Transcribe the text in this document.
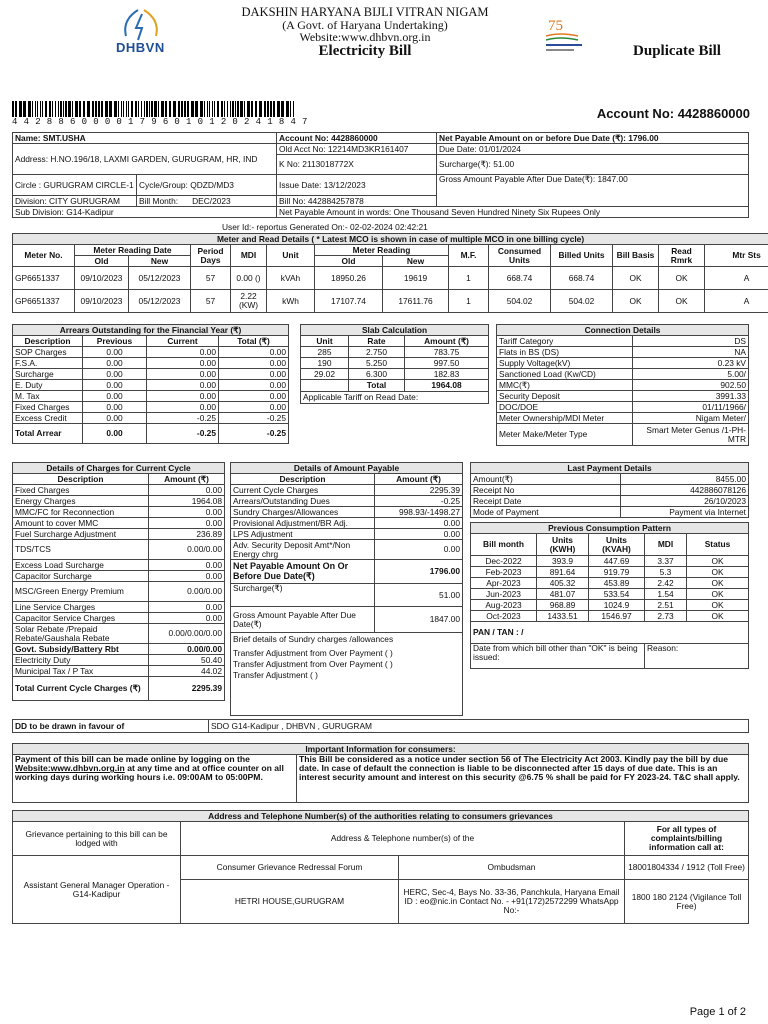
DHBVN
DAKSHIN HARYANA BIJLI VITRAN NIGAM
(A Govt. of Haryana Undertaking)
Website:www.dhbvn.org.in
Electricity Bill
75
Duplicate Bill
4 4 2 8 8 6 0 0 0 0 1 7 9 6 0 1 0 1 2 0 2 4 1 8 4 7
Account No: 4428860000
Name: SMT.USHA		Account No: 4428860000	Net Payable Amount on or before Due Date (₹): 1796.00
Address: H.NO.196/18, LAXMI GARDEN, GURUGRAM, HR, IND		Old Acct No: 12214MD3KR161407	Due Date: 01/01/2024
		K No: 2113018772X	Surcharge(₹): 51.00
Circle : GURUGRAM CIRCLE-1	Cycle/Group: QDZD/MD3	Issue Date: 13/12/2023	Gross Amount Payable After Due Date(₹): 1847.00
Division: CITY GURUGRAM	Bill Month: DEC/2023	Bill No: 442884257878	
Sub Division: G14-Kadipur		Net Payable Amount in words: One Thousand Seven Hundred Ninety Six Rupees Only	
User Id:- reportus Generated On:- 02-02-2024 02:42:21
Meter and Read Details ( * Latest MCO is shown in case of multiple MCO in one billing cycle)													
Meter No.	Meter Reading Date		Period Days	MDI	Unit	Meter Reading		M.F.	Consumed Units	Billed Units	Bill Basis	Read Rmrk	Mtr Sts
	Old	New				Old	New						
GP6651337	09/10/2023	05/12/2023	57	0.00 ()	kVAh	18950.26	19619	1	668.74	668.74	OK	OK	A
GP6651337	09/10/2023	05/12/2023	57	2.22 (KW)	kWh	17107.74	17611.76	1	504.02	504.02	OK	OK	A
Arrears Outstanding for the Financial Year (₹)			
Description	Previous	Current	Total (₹)
SOP Charges	0.00	0.00	0.00
F.S.A.	0.00	0.00	0.00
Surcharge	0.00	0.00	0.00
E. Duty	0.00	0.00	0.00
M. Tax	0.00	0.00	0.00
Fixed Charges	0.00	0.00	0.00
Excess Credit	0.00	-0.25	-0.25
Total Arrear	0.00	-0.25	-0.25
Slab Calculation		
Unit	Rate	Amount (₹)
285	2.750	783.75
190	5.250	997.50
29.02	6.300	182.83
	Total	1964.08
Applicable Tariff on Read Date:		
Connection Details	
Tariff Category	DS
Flats in BS (DS)	NA
Supply Voltage(kV)	0.23 kV
Sanctioned Load (Kw/CD)	5.00/
MMC(₹)	902.50
Security Deposit	3991.33
DOC/DOE	01/11/1966/
Meter Ownership/MDI Meter	Nigam Meter/
Meter Make/Meter Type	Smart Meter Genus /1-PH-MTR
Details of Charges for Current Cycle	
Description	Amount (₹)
Fixed Charges	0.00
Energy Charges	1964.08
MMC/FC for Reconnection	0.00
Amount to cover MMC	0.00
Fuel Surcharge Adjustment	236.89
TDS/TCS	0.00/0.00
Excess Load Surcharge	0.00
Capacitor Surcharge	0.00
MSC/Green Energy Premium	0.00/0.00
Line Service Charges	0.00
Capacitor Service Charges	0.00
Solar Rebate /Prepaid Rebate/Gaushala Rebate	0.00/0.00/0.00
Govt. Subsidy/Battery Rbt	0.00/0.00
Electricity Duty	50.40
Municipal Tax / P Tax	44.02
Total Current Cycle Charges (₹)	2295.39
Details of Amount Payable	
Description	Amount (₹)
Current Cycle Charges	2295.39
Arrears/Outstanding Dues	-0.25
Sundry Charges/Allowances	998.93/-1498.27
Provisional Adjustment/BR Adj.	0.00
LPS Adjustment	0.00
Adv. Security Deposit Amt*/Non Energy chrg	0.00
Net Payable Amount On Or Before Due Date(₹)	1796.00
Surcharge(₹)	51.00
Gross Amount Payable After Due Date(₹)	1847.00

Brief details of Sundry charges /allowances
Transfer Adjustment from Over Payment ( )
Transfer Adjustment from Over Payment ( )
Transfer Adjustment ( )	
Last Payment Details	
Amount(₹)	8455.00
Receipt No	442886078126
Receipt Date	26/10/2023
Mode of Payment	Payment via Internet
Previous Consumption Pattern				
Bill month	Units (KWH)	Units (KVAH)	MDI	Status
Dec-2022	393.9	447.69	3.37	OK
Feb-2023	891.64	919.79	5.3	OK
Apr-2023	405.32	453.89	2.42	OK
Jun-2023	481.07	533.54	1.54	OK
Aug-2023	968.89	1024.9	2.51	OK
Oct-2023	1433.51	1546.97	2.73	OK
PAN / TAN : /				
Date from which bill other than "OK" is being issued:			Reason:	
DD to be drawn in favour of	SDO G14-Kadipur , DHBVN , GURUGRAM
Important Information for consumers:
Payment of this bill can be made online by logging on the Website:www.dhbvn.org.in at any time and at office counter on all working days during working hours i.e. 09:00AM to 05:00PM.	This Bill be considered as a notice under section 56 of The Electricity Act 2003. Kindly pay the bill by due date. In case of default the connection is liable to be disconnected after 15 days of due date. This is an interest security amount and interest on this security @6.75 % shall be paid for FY 2023-24. T&C shall apply.
Address and Telephone Number(s) of the authorities relating to consumers grievances			
Grievance pertaining to this bill can be lodged with	Address & Telephone number(s) of the		For all types of complaints/billing information call at:
Assistant General Manager Operation - G14-Kadipur	Consumer Grievance Redressal Forum	Ombudsman	18001804334 / 1912 (Toll Free)
	HETRI HOUSE,GURUGRAM	HERC, Sec-4, Bays No. 33-36, Panchkula, Haryana Email ID : eo@nic.in Contact No. - +91(172)2572299 WhatsApp No:-	1800 180 2124 (Vigilance Toll Free)
Page 1 of 2
